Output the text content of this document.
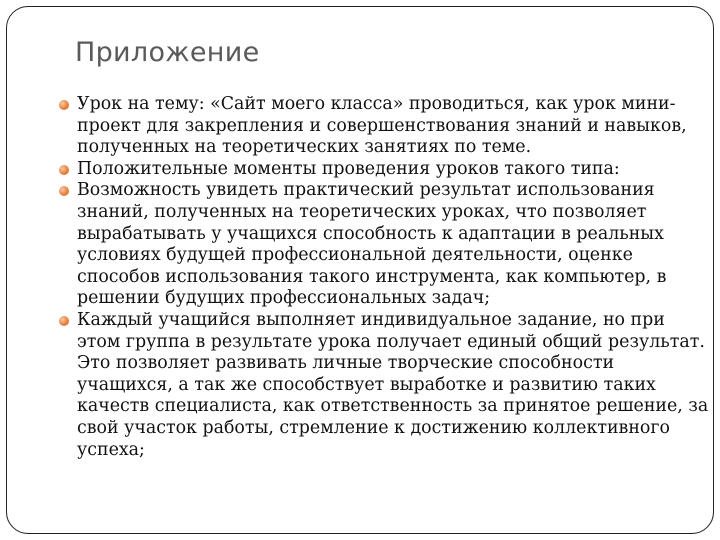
Приложение
Урок на тему: «Сайт моего класса» проводиться, как урок мини-проект для закрепления и совершенствования знаний и навыков, полученных на теоретических занятиях по теме.
Положительные моменты проведения уроков такого типа:
Возможность увидеть практический результат использования знаний, полученных на теоретических уроках, что позволяет вырабатывать у учащихся способность к адаптации в реальных условиях будущей профессиональной деятельности, оценке способов использования такого инструмента, как компьютер, в решении будущих профессиональных задач;
Каждый учащийся выполняет индивидуальное задание, но при этом группа в результате урока получает единый общий результат. Это позволяет развивать личные творческие способности учащихся, а так же способствует выработке и развитию таких качеств специалиста, как ответственность за принятое решение, за свой участок работы, стремление к достижению коллективного успеха;
